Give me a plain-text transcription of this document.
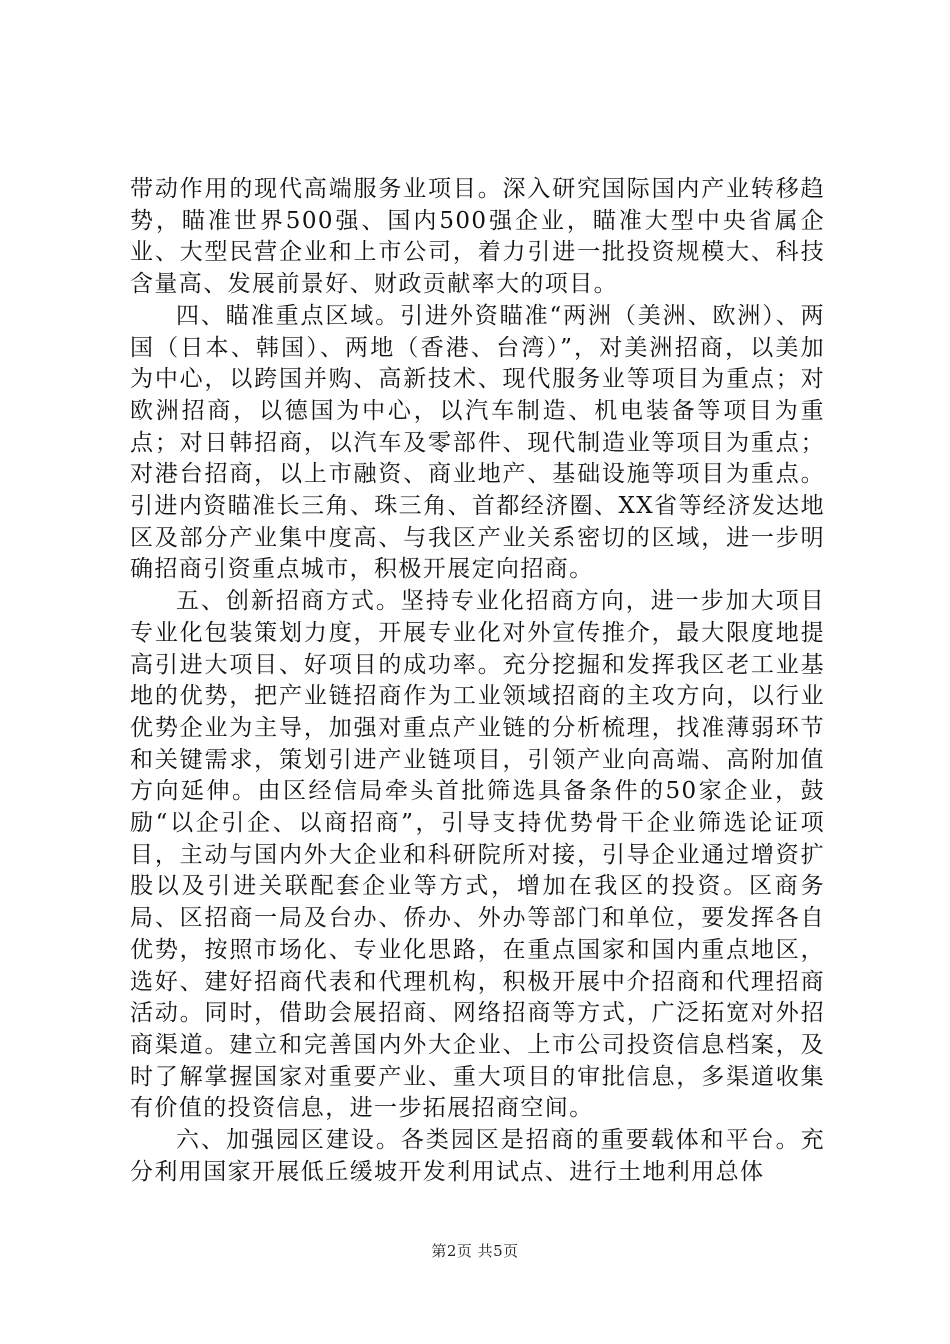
带动作用的现代高端服务业项目。深入研究国际国内产业转移趋势，瞄准世界500强、国内500强企业，瞄准大型中央省属企业、大型民营企业和上市公司，着力引进一批投资规模大、科技含量高、发展前景好、财政贡献率大的项目。

四、瞄准重点区域。引进外资瞄准“两洲（美洲、欧洲）、两国（日本、韩国）、两地（香港、台湾）”，对美洲招商，以美加为中心，以跨国并购、高新技术、现代服务业等项目为重点；对欧洲招商，以德国为中心，以汽车制造、机电装备等项目为重点；对日韩招商，以汽车及零部件、现代制造业等项目为重点；对港台招商，以上市融资、商业地产、基础设施等项目为重点。引进内资瞄准长三角、珠三角、首都经济圈、XX省等经济发达地区及部分产业集中度高、与我区产业关系密切的区域，进一步明确招商引资重点城市，积极开展定向招商。

五、创新招商方式。坚持专业化招商方向，进一步加大项目专业化包装策划力度，开展专业化对外宣传推介，最大限度地提高引进大项目、好项目的成功率。充分挖掘和发挥我区老工业基地的优势，把产业链招商作为工业领域招商的主攻方向，以行业优势企业为主导，加强对重点产业链的分析梳理，找准薄弱环节和关键需求，策划引进产业链项目，引领产业向高端、高附加值方向延伸。由区经信局牵头首批筛选具备条件的50家企业，鼓励“以企引企、以商招商”，引导支持优势骨干企业筛选论证项目，主动与国内外大企业和科研院所对接，引导企业通过增资扩股以及引进关联配套企业等方式，增加在我区的投资。区商务局、区招商一局及台办、侨办、外办等部门和单位，要发挥各自优势，按照市场化、专业化思路，在重点国家和国内重点地区，选好、建好招商代表和代理机构，积极开展中介招商和代理招商活动。同时，借助会展招商、网络招商等方式，广泛拓宽对外招商渠道。建立和完善国内外大企业、上市公司投资信息档案，及时了解掌握国家对重要产业、重大项目的审批信息，多渠道收集有价值的投资信息，进一步拓展招商空间。

六、加强园区建设。各类园区是招商的重要载体和平台。充分利用国家开展低丘缓坡开发利用试点、进行土地利用总体

第2页 共5页
